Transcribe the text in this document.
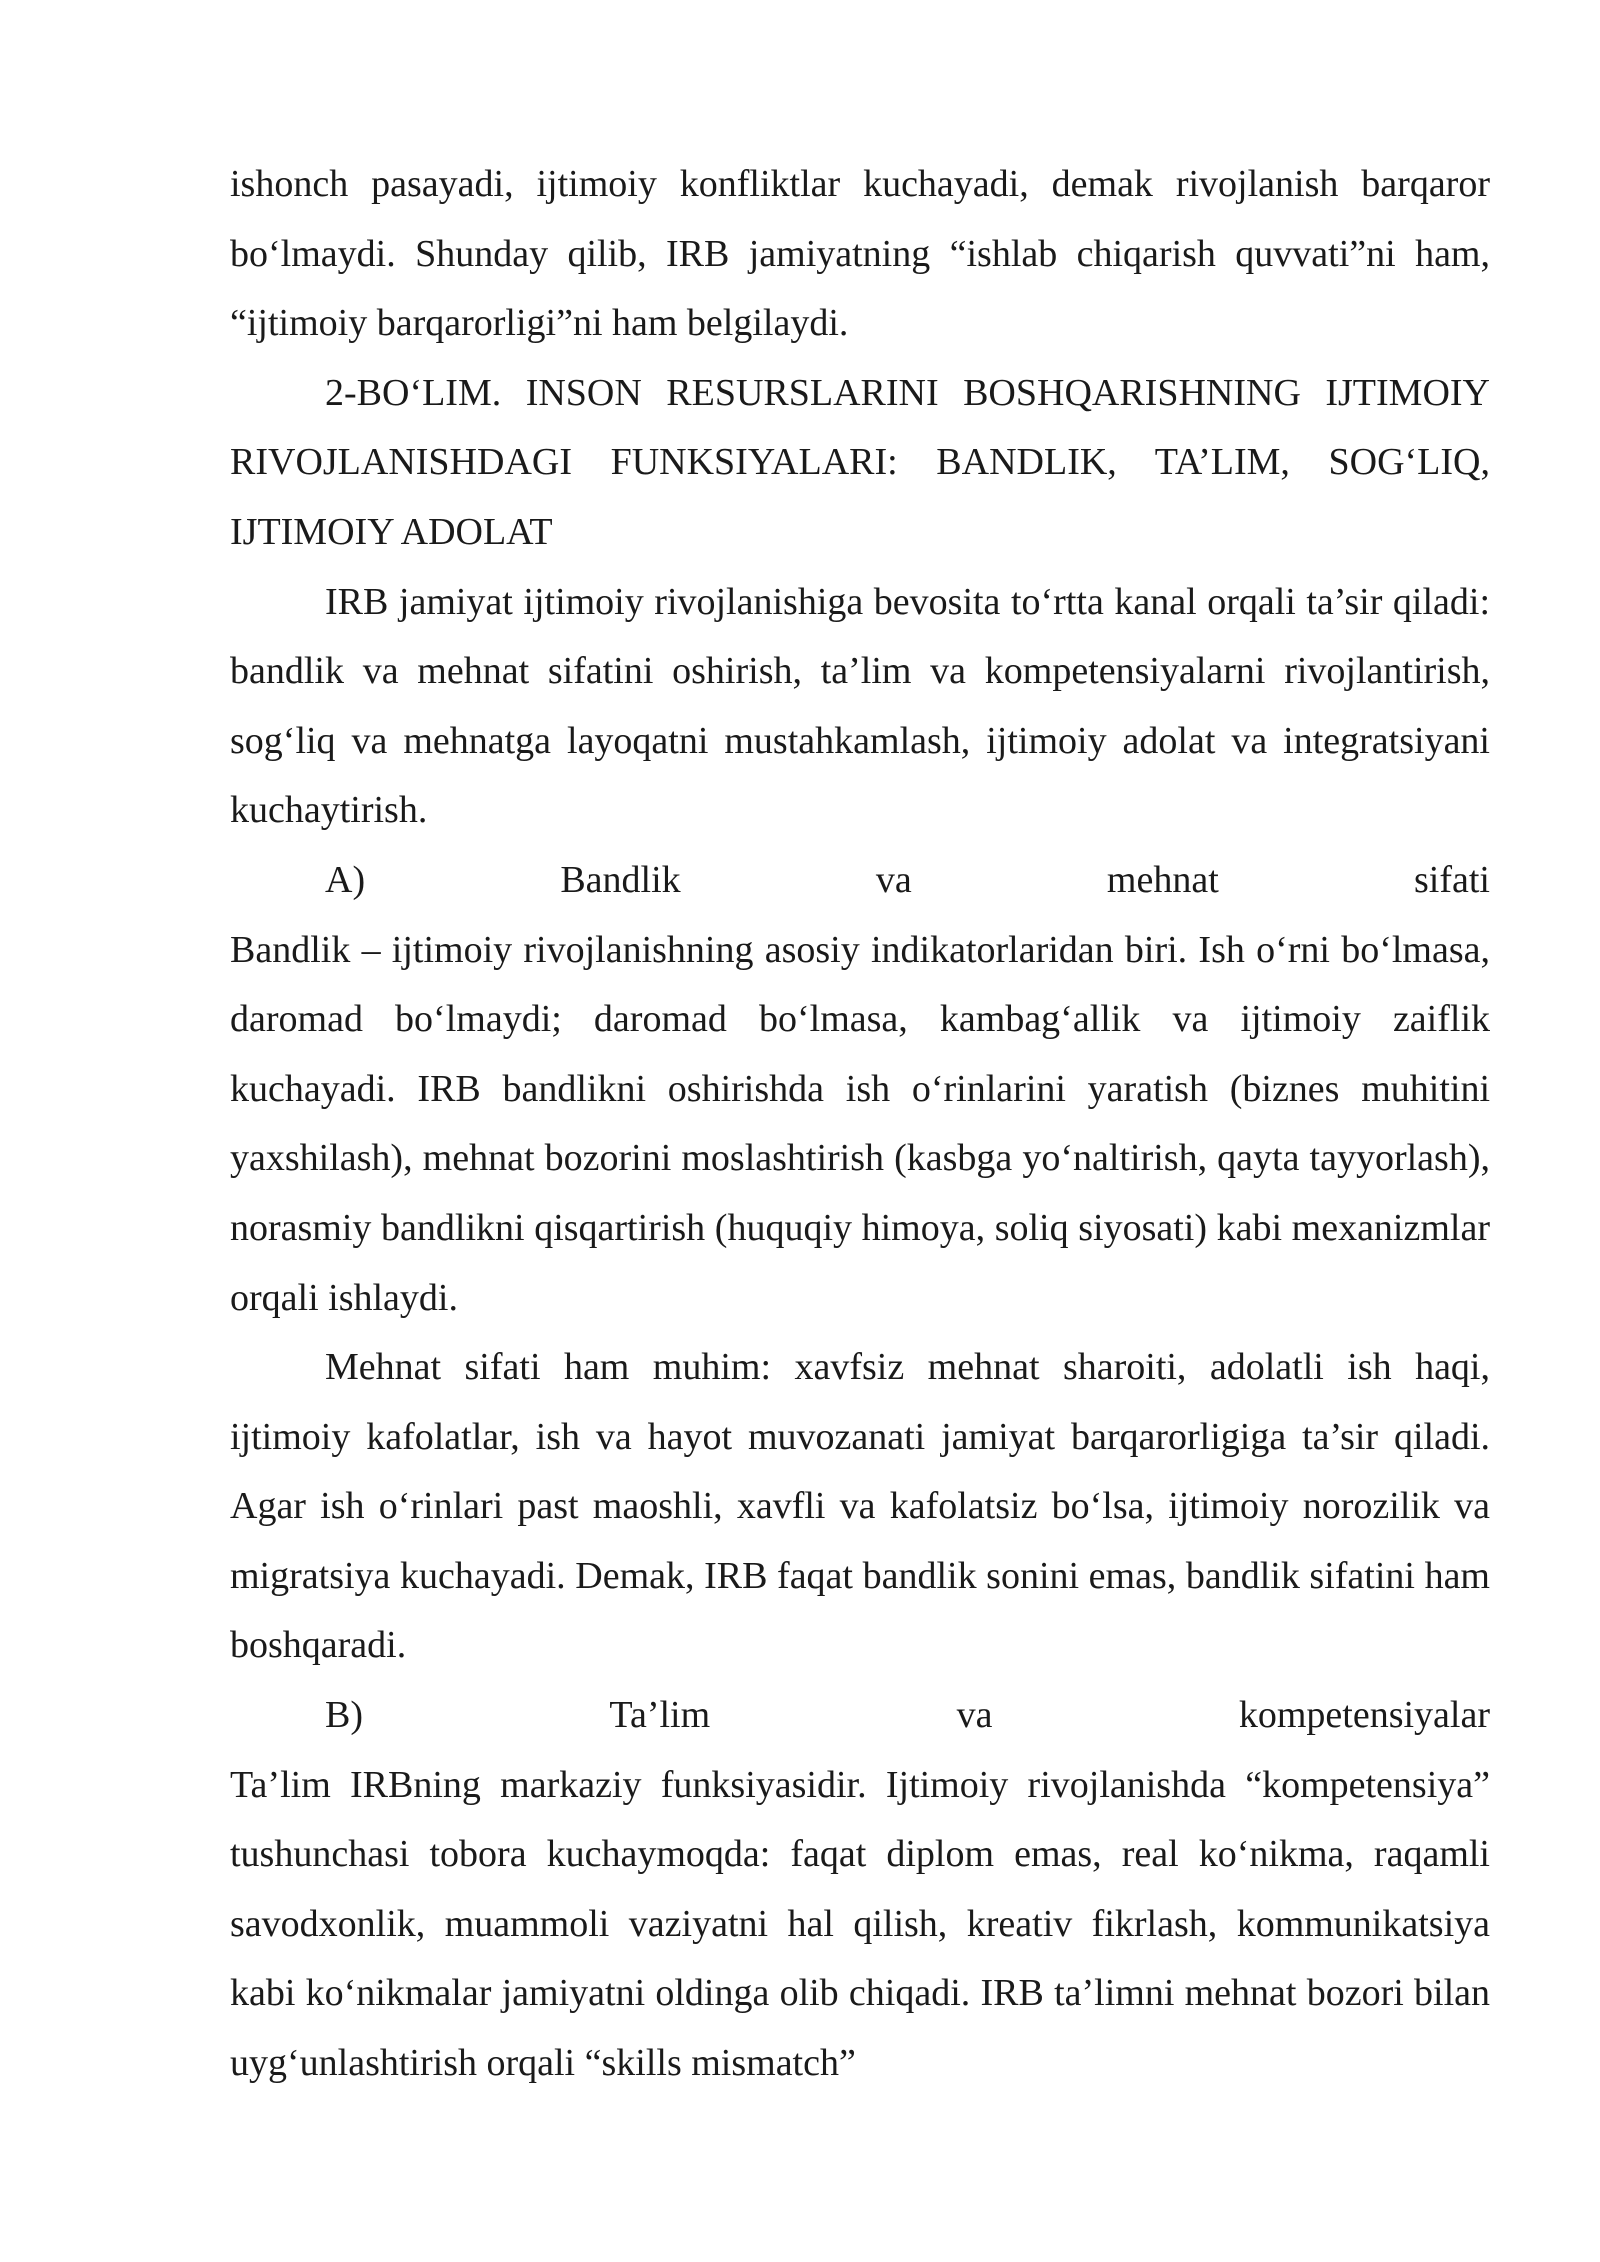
ishonch pasayadi, ijtimoiy konfliktlar kuchayadi, demak rivojlanish barqaror bo‘lmaydi. Shunday qilib, IRB jamiyatning “ishlab chiqarish quvvati”ni ham, “ijtimoiy barqarorligi”ni ham belgilaydi.

2-BO‘LIM. INSON RESURSLARINI BOSHQARISHNING IJTIMOIY RIVOJLANISHDAGI FUNKSIYALARI: BANDLIK, TA’LIM, SOG‘LIQ, IJTIMOIY ADOLAT

IRB jamiyat ijtimoiy rivojlanishiga bevosita to‘rtta kanal orqali ta’sir qiladi: bandlik va mehnat sifatini oshirish, ta’lim va kompetensiyalarni rivojlantirish, sog‘liq va mehnatga layoqatni mustahkamlash, ijtimoiy adolat va integratsiyani kuchaytirish.

A)	Bandlik	va	mehnat	sifati

Bandlik – ijtimoiy rivojlanishning asosiy indikatorlaridan biri. Ish o‘rni bo‘lmasa, daromad bo‘lmaydi; daromad bo‘lmasa, kambag‘allik va ijtimoiy zaiflik kuchayadi. IRB bandlikni oshirishda ish o‘rinlarini yaratish (biznes muhitini yaxshilash), mehnat bozorini moslashtirish (kasbga yo‘naltirish, qayta tayyorlash), norasmiy bandlikni qisqartirish (huquqiy himoya, soliq siyosati) kabi mexanizmlar orqali ishlaydi.

Mehnat sifati ham muhim: xavfsiz mehnat sharoiti, adolatli ish haqi, ijtimoiy kafolatlar, ish va hayot muvozanati jamiyat barqarorligiga ta’sir qiladi. Agar ish o‘rinlari past maoshli, xavfli va kafolatsiz bo‘lsa, ijtimoiy norozilik va migratsiya kuchayadi. Demak, IRB faqat bandlik sonini emas, bandlik sifatini ham boshqaradi.

B)	Ta’lim	va	kompetensiyalar

Ta’lim IRBning markaziy funksiyasidir. Ijtimoiy rivojlanishda “kompetensiya” tushunchasi tobora kuchaymoqda: faqat diplom emas, real ko‘nikma, raqamli savodxonlik, muammoli vaziyatni hal qilish, kreativ fikrlash, kommunikatsiya kabi ko‘nikmalar jamiyatni oldinga olib chiqadi. IRB ta’limni mehnat bozori bilan uyg‘unlashtirish orqali “skills mismatch”
